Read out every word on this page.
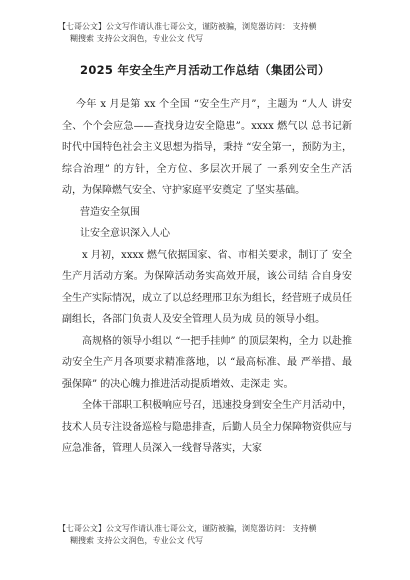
【七哥公文】公文写作请认准七哥公文，谨防被骗，浏览器访问： 支持横
糊搜索 支持公文润色，专业公文 代写
2025 年安全生产月活动工作总结（集团公司）

今年 x 月是第 xx 个全国 “安全生产月”，主题为 “人人 讲安全、个个会应急——查找身边安全隐患”。xxxx 燃气以 总书记新时代中国特色社会主义思想为指导，秉持 “安全第一，预防为主，综合治理” 的方针，全方位、多层次开展了 一系列安全生产活动，为保障燃气安全、守护家庭平安奠定 了坚实基础。

营造安全氛围

让安全意识深入人心

x 月初，xxxx 燃气依据国家、省、市相关要求，制订了 安全生产月活动方案。为保障活动务实高效开展，该公司结 合自身安全生产实际情况，成立了以总经理邢卫东为组长，经营班子成员任副组长，各部门负责人及安全管理人员为成 员的领导小组。

高规格的领导小组以 “一把手挂帅” 的顶层架构，全力 以赴推动安全生产月各项要求精准落地，以 “最高标准、最 严举措、最强保障” 的决心魄力推进活动提质增效、走深走 实。

全体干部职工积极响应号召，迅速投身到安全生产月活动中，技术人员专注设备巡检与隐患排查，后勤人员全力保障物资供应与应急准备，管理人员深入一线督导落实，大家

【七哥公文】公文写作请认准七哥公文，谨防被骗，浏览器访问： 支持横
糊搜索 支持公文润色，专业公文 代写
